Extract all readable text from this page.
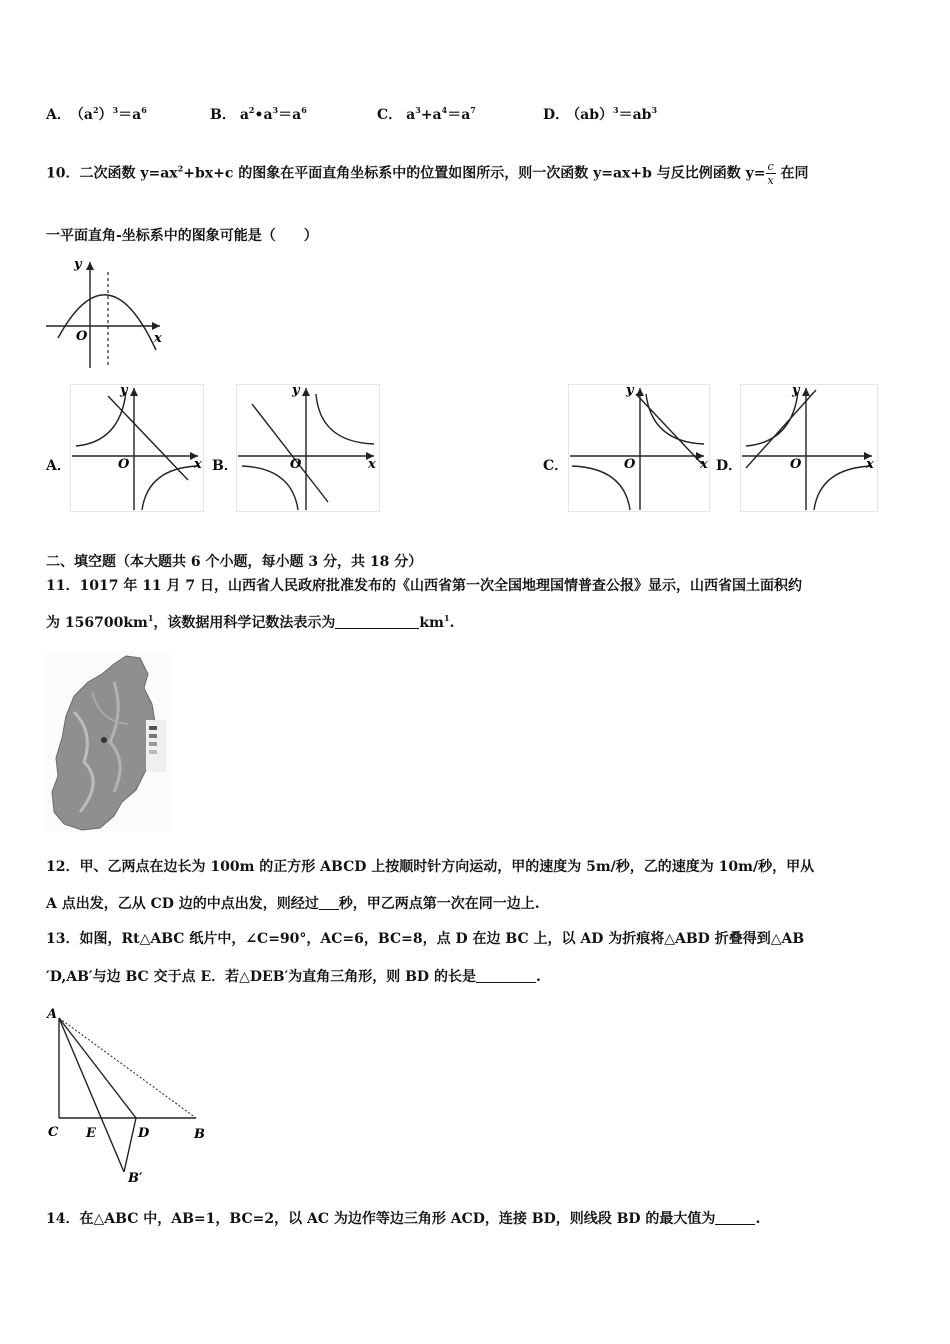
A． $(a^2)^3=a^6$	B． $a^2•a^3=a^6$	C． $a^3+a^4=a^7$	D． $(ab)^3=ab^3$
10．二次函数 $y=ax^2+bx+c$ 的图象在平面直角坐标系中的位置如图所示，则一次函数 y=ax+b 与反比例函数 $y= \frac{c}{x}$ 在同
一平面直角-坐标系中的图象可能是（　　）
y
x
O
A．
y
x
O	B．
y
x
O	C．
y
x
O	D．
y
x
O
二、填空题（本大题共 6 个小题，每小题 3 分，共 18 分）
11．1017 年 11 月 7 日，山西省人民政府批准发布的《山西省第一次全国地理国情普查公报》显示，山西省国土面积约
为 $156700km^1$，该数据用科学记数法表示为	$km^1$.
12．甲、乙两点在边长为 100m 的正方形 ABCD 上按顺时针方向运动，甲的速度为 5m/秒，乙的速度为 10m/秒，甲从
A 点出发，乙从 CD 边的中点出发，则经过 秒，甲乙两点第一次在同一边上.
13．如图，Rt△ABC 纸片中，∠C=90°，AC=6，BC=8，点 D 在边 BC 上，以 AD 为折痕将△ABD 折叠得到△AB
′D,AB′与边 BC 交于点 E．若△DEB′为直角三角形，则 BD 的长是	.
A
C E	D	B
B′
14．在△ABC 中，AB=1，BC=2，以 AC 为边作等边三角形 ACD，连接 BD，则线段 BD 的最大值为	.
